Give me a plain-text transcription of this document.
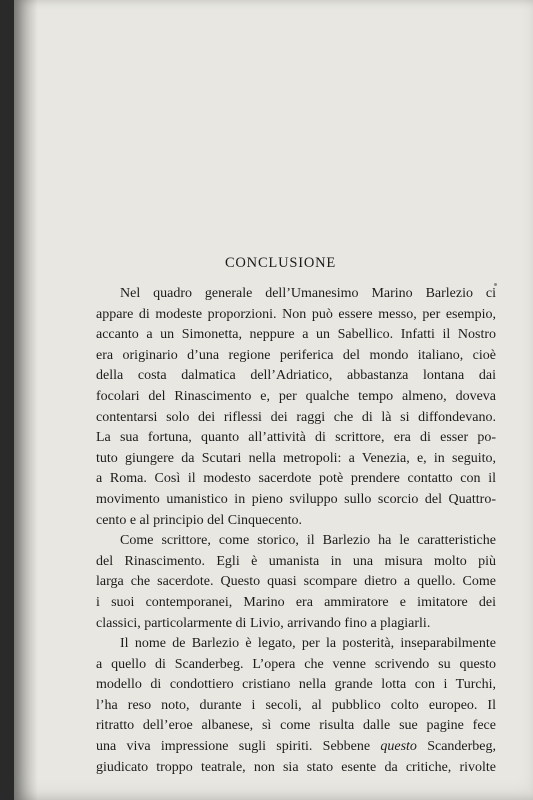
CONCLUSIONE
Nel quadro generale dell’Umanesimo Marino Barlezio ci
appare di modeste proporzioni. Non può essere messo, per esempio,
accanto a un Simonetta, neppure a un Sabellico. Infatti il Nostro
era originario d’una regione periferica del mondo italiano, cioè
della costa dalmatica dell’Adriatico, abbastanza lontana dai
focolari del Rinascimento e, per qualche tempo almeno, doveva
contentarsi solo dei riflessi dei raggi che di là si diffondevano.
La sua fortuna, quanto all’attività di scrittore, era di esser po-
tuto giungere da Scutari nella metropoli: a Venezia, e, in seguito,
a Roma. Così il modesto sacerdote potè prendere contatto con il
movimento umanistico in pieno sviluppo sullo scorcio del Quattro-
cento e al principio del Cinquecento.
Come scrittore, come storico, il Barlezio ha le caratteristiche
del Rinascimento. Egli è umanista in una misura molto più
larga che sacerdote. Questo quasi scompare dietro a quello. Come
i suoi contemporanei, Marino era ammiratore e imitatore dei
classici, particolarmente di Livio, arrivando fino a plagiarli.
Il nome de Barlezio è legato, per la posterità, inseparabilmente
a quello di Scanderbeg. L’opera che venne scrivendo su questo
modello di condottiero cristiano nella grande lotta con i Turchi,
l’ha reso noto, durante i secoli, al pubblico colto europeo. Il
ritratto dell’eroe albanese, sì come risulta dalle sue pagine fece
una viva impressione sugli spiriti. Sebbene questo Scanderbeg,
giudicato troppo teatrale, non sia stato esente da critiche, rivolte
